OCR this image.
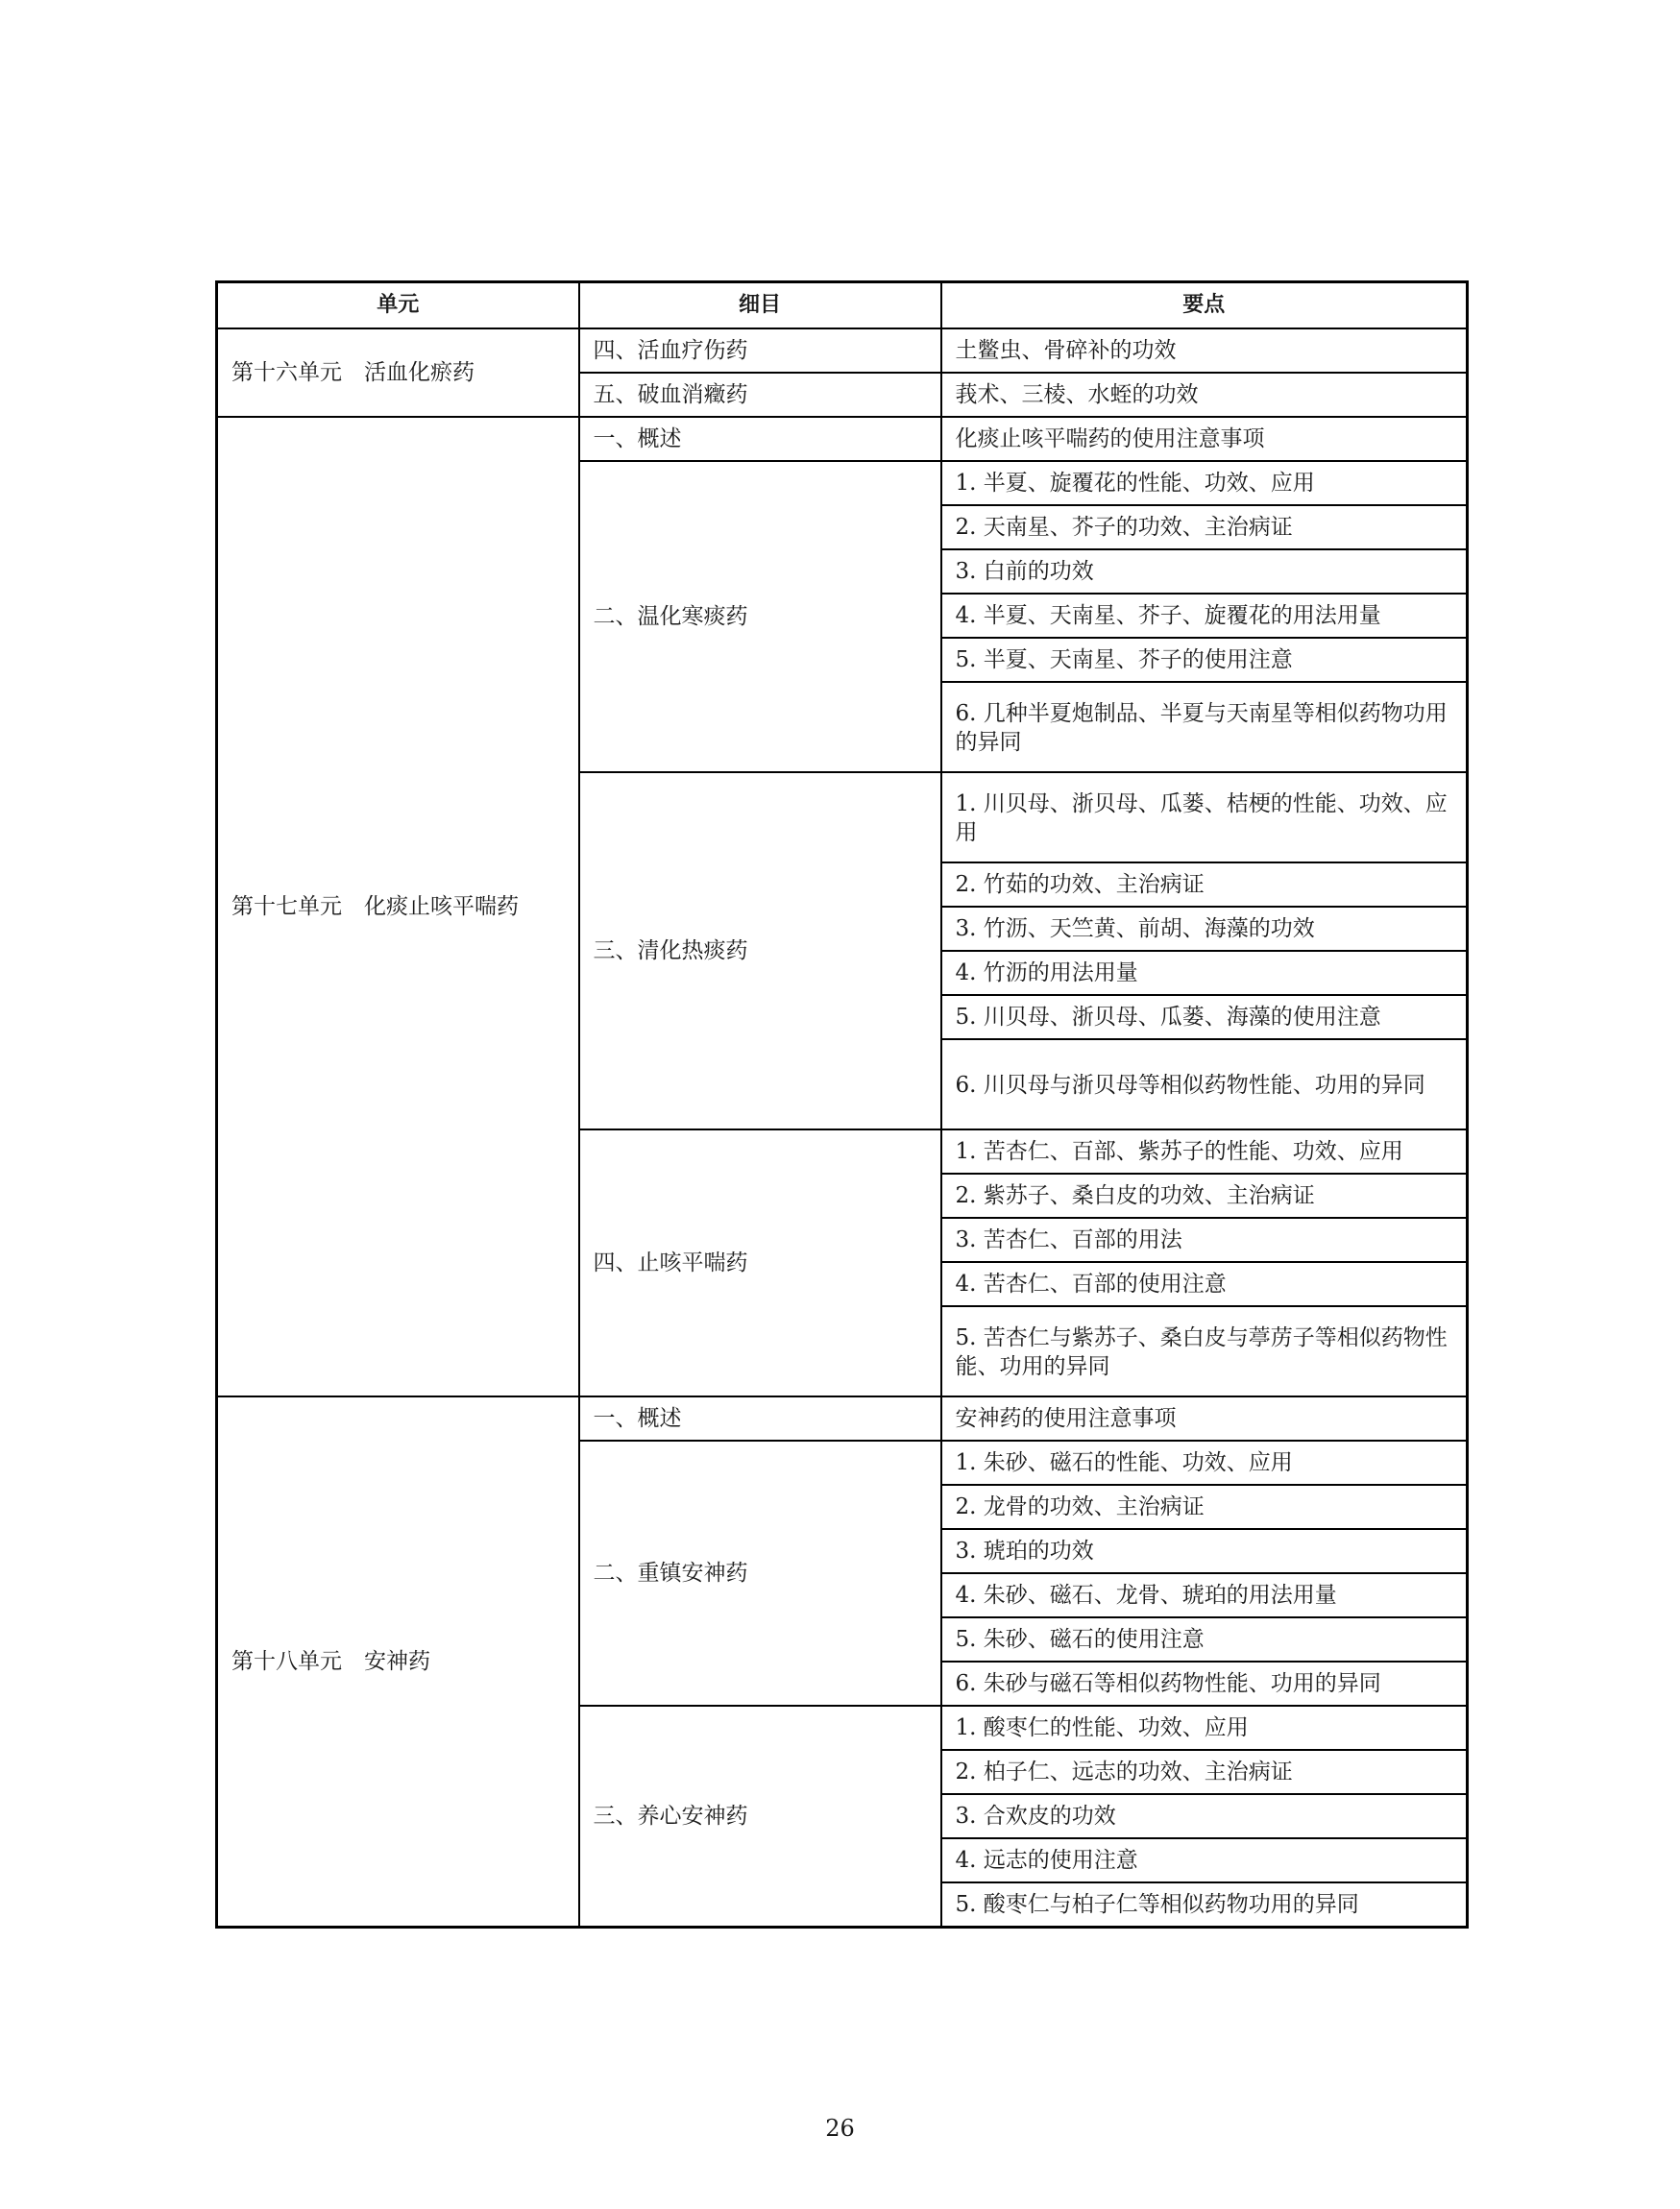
单元	细目	要点
第十六单元　活血化瘀药	四、活血疗伤药	土鳖虫、骨碎补的功效
	五、破血消癥药	莪术、三棱、水蛭的功效
第十七单元　化痰止咳平喘药	一、概述	化痰止咳平喘药的使用注意事项
	二、温化寒痰药	1. 半夏、旋覆花的性能、功效、应用
		2. 天南星、芥子的功效、主治病证
		3. 白前的功效
		4. 半夏、天南星、芥子、旋覆花的用法用量
		5. 半夏、天南星、芥子的使用注意
		6. 几种半夏炮制品、半夏与天南星等相似药物功用的异同
	三、清化热痰药	1. 川贝母、浙贝母、瓜蒌、桔梗的性能、功效、应用
		2. 竹茹的功效、主治病证
		3. 竹沥、天竺黄、前胡、海藻的功效
		4. 竹沥的用法用量
		5. 川贝母、浙贝母、瓜蒌、海藻的使用注意
		6. 川贝母与浙贝母等相似药物性能、功用的异同
	四、止咳平喘药	1. 苦杏仁、百部、紫苏子的性能、功效、应用
		2. 紫苏子、桑白皮的功效、主治病证
		3. 苦杏仁、百部的用法
		4. 苦杏仁、百部的使用注意
		5. 苦杏仁与紫苏子、桑白皮与葶苈子等相似药物性能、功用的异同
第十八单元　安神药	一、概述	安神药的使用注意事项
	二、重镇安神药	1. 朱砂、磁石的性能、功效、应用
		2. 龙骨的功效、主治病证
		3. 琥珀的功效
		4. 朱砂、磁石、龙骨、琥珀的用法用量
		5. 朱砂、磁石的使用注意
		6. 朱砂与磁石等相似药物性能、功用的异同
	三、养心安神药	1. 酸枣仁的性能、功效、应用
		2. 柏子仁、远志的功效、主治病证
		3. 合欢皮的功效
		4. 远志的使用注意
		5. 酸枣仁与柏子仁等相似药物功用的异同
26
